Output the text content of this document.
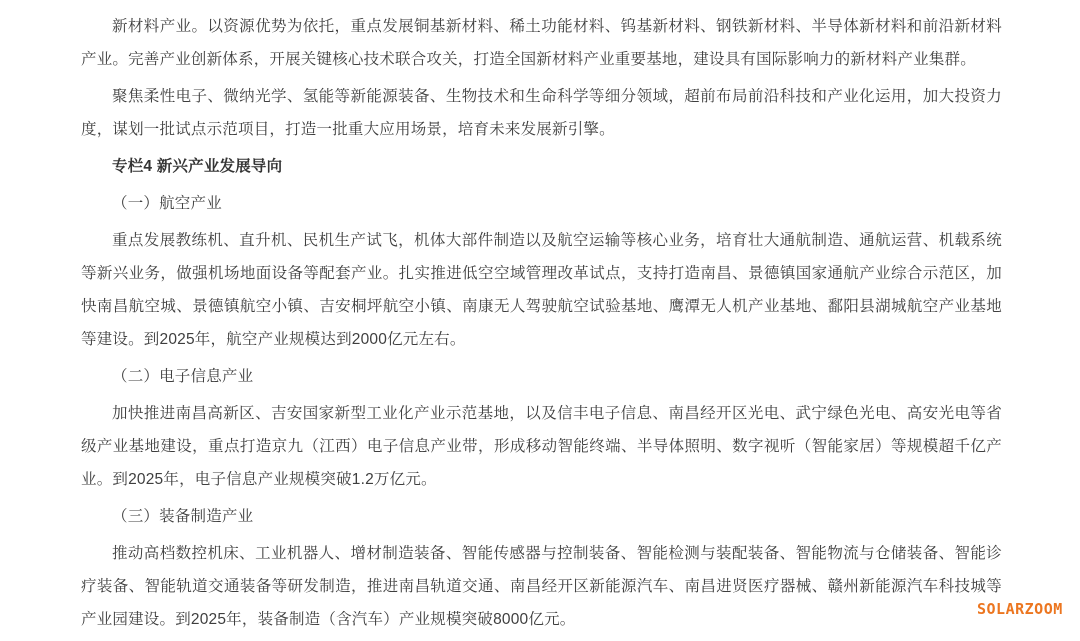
新材料产业。以资源优势为依托，重点发展铜基新材料、稀土功能材料、钨基新材料、钢铁新材料、半导体新材料和前沿新材料产业。完善产业创新体系，开展关键核心技术联合攻关，打造全国新材料产业重要基地，建设具有国际影响力的新材料产业集群。

聚焦柔性电子、微纳光学、氢能等新能源装备、生物技术和生命科学等细分领域，超前布局前沿科技和产业化运用，加大投资力度，谋划一批试点示范项目，打造一批重大应用场景，培育未来发展新引擎。

专栏4 新兴产业发展导向

（一）航空产业

重点发展教练机、直升机、民机生产试飞，机体大部件制造以及航空运输等核心业务，培育壮大通航制造、通航运营、机载系统等新兴业务，做强机场地面设备等配套产业。扎实推进低空空域管理改革试点，支持打造南昌、景德镇国家通航产业综合示范区，加快南昌航空城、景德镇航空小镇、吉安桐坪航空小镇、南康无人驾驶航空试验基地、鹰潭无人机产业基地、鄱阳县湖城航空产业基地等建设。到2025年，航空产业规模达到2000亿元左右。

（二）电子信息产业

加快推进南昌高新区、吉安国家新型工业化产业示范基地，以及信丰电子信息、南昌经开区光电、武宁绿色光电、高安光电等省级产业基地建设，重点打造京九（江西）电子信息产业带，形成移动智能终端、半导体照明、数字视听（智能家居）等规模超千亿产业。到2025年，电子信息产业规模突破1.2万亿元。

（三）装备制造产业

推动高档数控机床、工业机器人、增材制造装备、智能传感器与控制装备、智能检测与装配装备、智能物流与仓储装备、智能诊疗装备、智能轨道交通装备等研发制造，推进南昌轨道交通、南昌经开区新能源汽车、南昌进贤医疗器械、赣州新能源汽车科技城等产业园建设。到2025年，装备制造（含汽车）产业规模突破8000亿元。

SOLARZOOM
